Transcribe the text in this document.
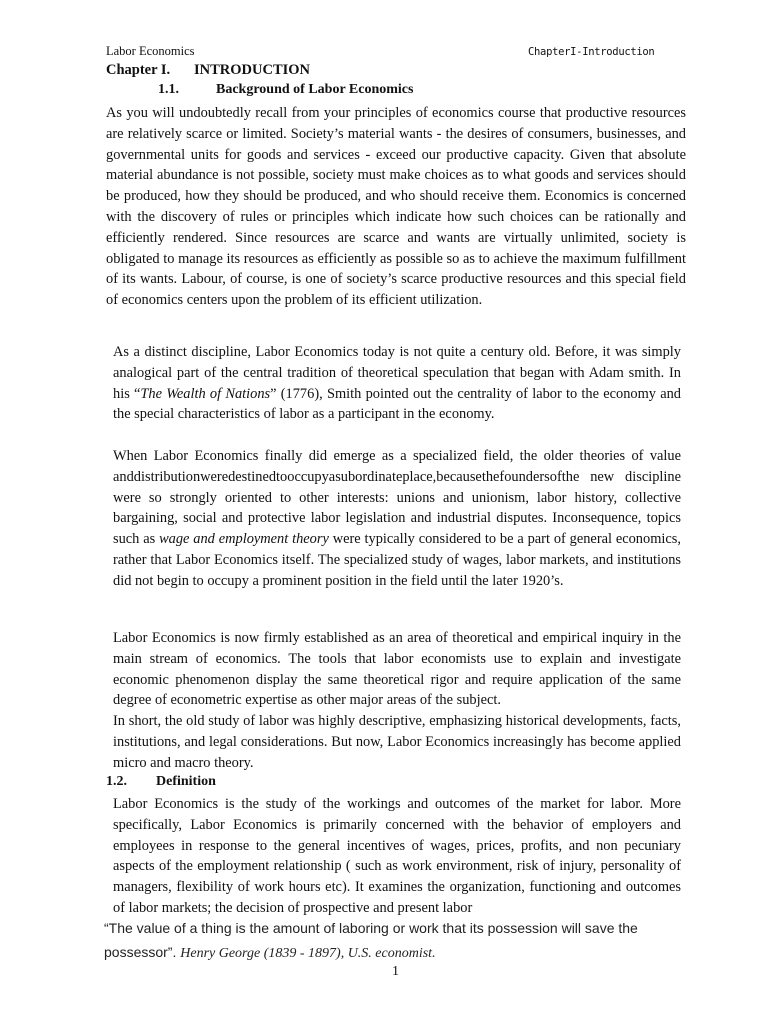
Labor Economics	ChapterI-Introduction
Chapter I. INTRODUCTION
1.1.	Background of Labor Economics

As you will undoubtedly recall from your principles of economics course that productive resources are relatively scarce or limited. Society’s material wants - the desires of consumers, businesses, and governmental units for goods and services - exceed our productive capacity. Given that absolute material abundance is not possible, society must make choices as to what goods and services should be produced, how they should be produced, and who should receive them. Economics is concerned with the discovery of rules or principles which indicate how such choices can be rationally and efficiently rendered. Since resources are scarce and wants are virtually unlimited, society is obligated to manage its resources as efficiently as possible so as to achieve the maximum fulfillment of its wants. Labour, of course, is one of society’s scarce productive resources and this special field of economics centers upon the problem of its efficient utilization.

As a distinct discipline, Labor Economics today is not quite a century old. Before, it was simply analogical part of the central tradition of theoretical speculation that began with Adam smith. In his “The Wealth of Nations” (1776), Smith pointed out the centrality of labor to the economy and the special characteristics of labor as a participant in the economy.

When Labor Economics finally did emerge as a specialized field, the older theories of value anddistributionweredestinedtooccupyasubordinateplace,becausethefoundersofthe new discipline were so strongly oriented to other interests: unions and unionism, labor history, collective bargaining, social and protective labor legislation and industrial disputes. Inconsequence, topics such as wage and employment theory were typically considered to be a part of general economics, rather that Labor Economics itself. The specialized study of wages, labor markets, and institutions did not begin to occupy a prominent position in the field until the later 1920’s.

Labor Economics is now firmly established as an area of theoretical and empirical inquiry in the main stream of economics. The tools that labor economists use to explain and investigate economic phenomenon display the same theoretical rigor and require application of the same degree of econometric expertise as other major areas of the subject.

In short, the old study of labor was highly descriptive, emphasizing historical developments, facts, institutions, and legal considerations. But now, Labor Economics increasingly has become applied micro and macro theory.

1.2. Definition

Labor Economics is the study of the workings and outcomes of the market for labor. More specifically, Labor Economics is primarily concerned with the behavior of employers and employees in response to the general incentives of wages, prices, profits, and non pecuniary aspects of the employment relationship ( such as work environment, risk of injury, personality of managers, flexibility of work hours etc). It examines the organization, functioning and outcomes of labor markets; the decision of prospective and present labor

“The value of a thing is the amount of laboring or work that its possession will save the possessor”. Henry George (1839 - 1897), U.S. economist.
1
